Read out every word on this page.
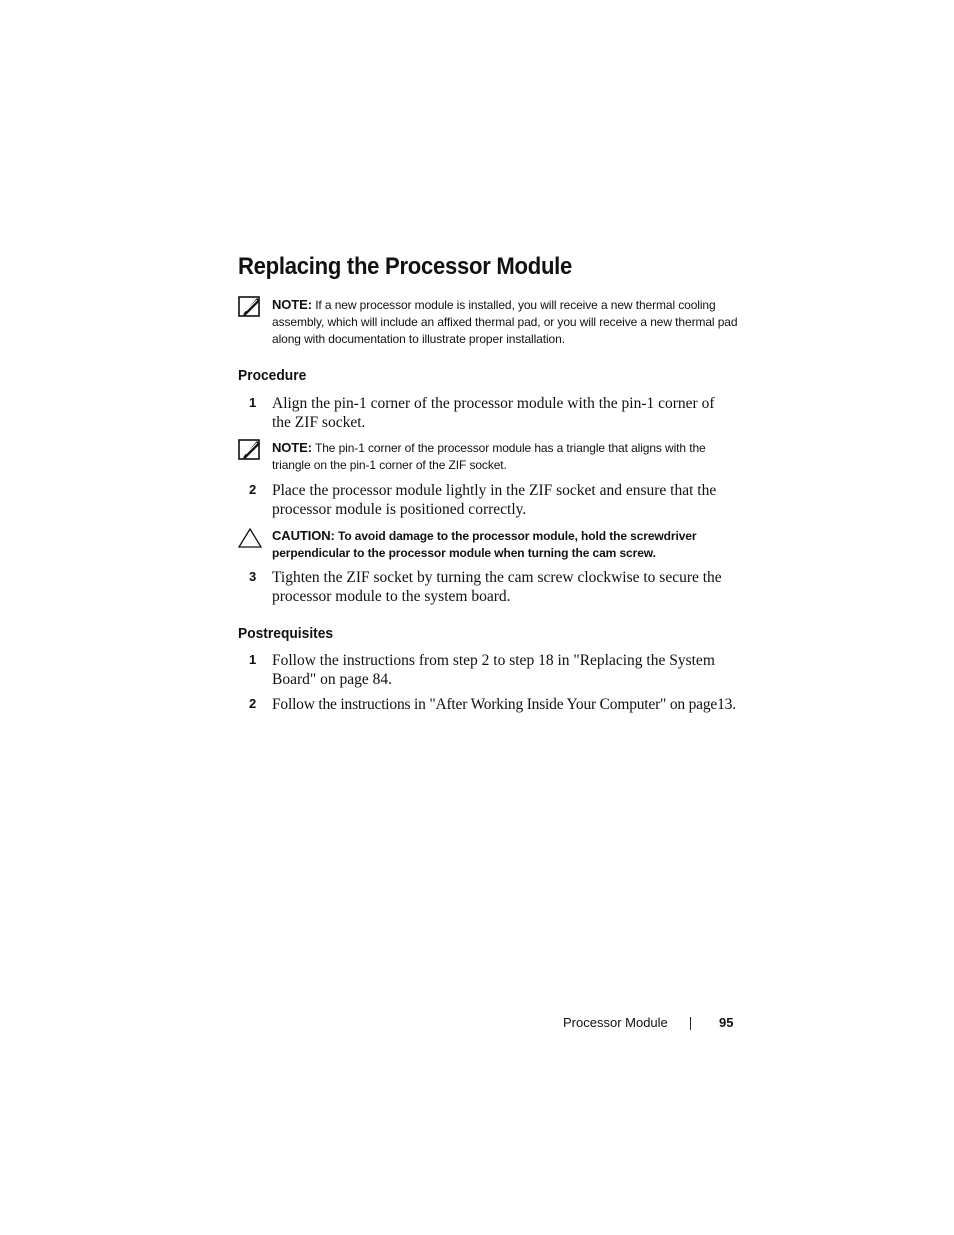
Replacing the Processor Module
NOTE: If a new processor module is installed, you will receive a new thermal cooling assembly, which will include an affixed thermal pad, or you will receive a new thermal pad along with documentation to illustrate proper installation.
Procedure
1 Align the pin-1 corner of the processor module with the pin-1 corner of the ZIF socket.
NOTE: The pin-1 corner of the processor module has a triangle that aligns with the triangle on the pin-1 corner of the ZIF socket.
2 Place the processor module lightly in the ZIF socket and ensure that the processor module is positioned correctly.
CAUTION: To avoid damage to the processor module, hold the screwdriver perpendicular to the processor module when turning the cam screw.
3 Tighten the ZIF socket by turning the cam screw clockwise to secure the processor module to the system board.
Postrequisites
1 Follow the instructions from step 2 to step 18 in "Replacing the System Board" on page 84.
2 Follow the instructions in "After Working Inside Your Computer" on page13.
Processor Module	95
